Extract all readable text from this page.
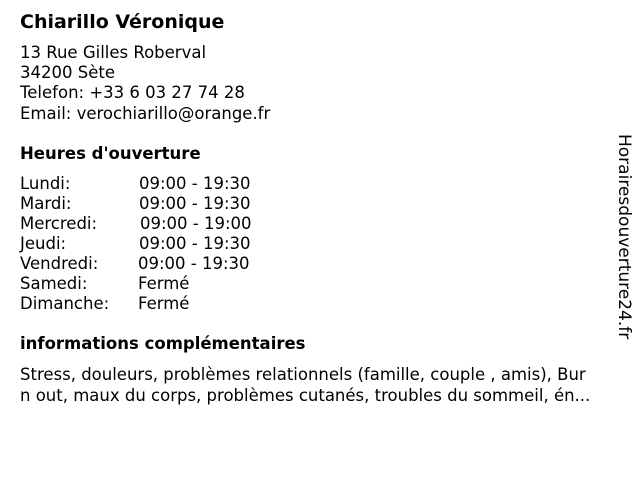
Chiarillo Véronique
13 Rue Gilles Roberval
34200 Sète
Telefon: +33 6 03 27 74 28
Email: verochiarillo@orange.fr
Heures d'ouverture
Lundi:	09:00 - 19:30
Mardi:	09:00 - 19:30
Mercredi:	09:00 - 19:00
Jeudi:	09:00 - 19:30
Vendredi: 09:00 - 19:30
Samedi:	Fermé
Dimanche: Fermé
informations complémentaires
Stress, douleurs, problèmes relationnels (famille, couple , amis), Bur
n out, maux du corps, problèmes cutanés, troubles du sommeil, én...
Horairesdouverture24.fr
